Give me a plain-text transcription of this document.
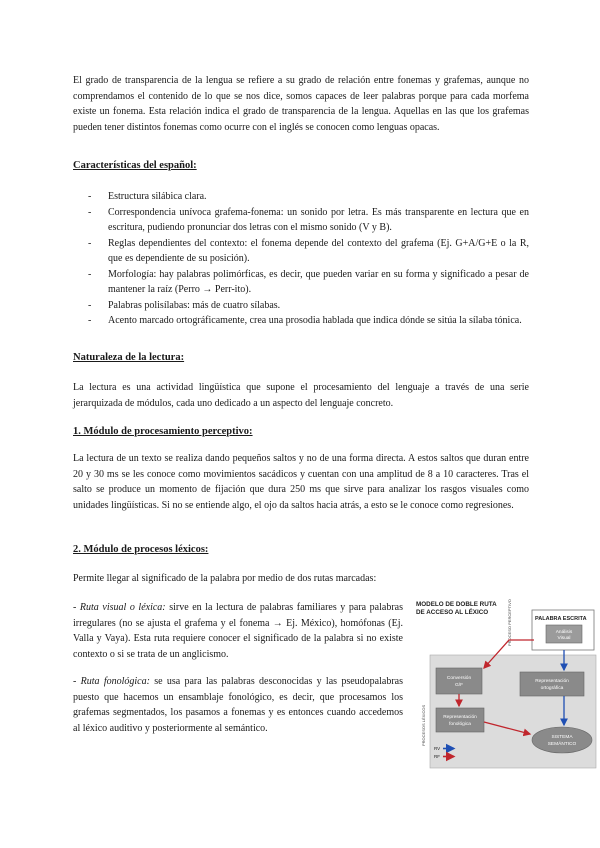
El grado de transparencia de la lengua se refiere a su grado de relación entre fonemas y grafemas, aunque no comprendamos el contenido de lo que se nos dice, somos capaces de leer palabras porque para cada morfema existe un fonema. Esta relación indica el grado de transparencia de la lengua. Aquellas en las que los grafemas pueden tener distintos fonemas como ocurre con el inglés se conocen como lenguas opacas.

Características del español:
- Estructura silábica clara.
- Correspondencia unívoca grafema-fonema: un sonido por letra. Es más transparente en lectura que en escritura, pudiendo pronunciar dos letras con el mismo sonido (V y B).
- Reglas dependientes del contexto: el fonema depende del contexto del grafema (Ej. G+A/G+E o la R, que es dependiente de su posición).
- Morfología: hay palabras polimórficas, es decir, que pueden variar en su forma y significado a pesar de mantener la raíz (Perro → Perr-ito).
- Palabras polisílabas: más de cuatro sílabas.
- Acento marcado ortográficamente, crea una prosodia hablada que indica dónde se sitúa la sílaba tónica.
Naturaleza de la lectura:

La lectura es una actividad lingüística que supone el procesamiento del lenguaje a través de una serie jerarquizada de módulos, cada uno dedicado a un aspecto del lenguaje concreto.

1. Módulo de procesamiento perceptivo:

La lectura de un texto se realiza dando pequeños saltos y no de una forma directa. A estos saltos que duran entre 20 y 30 ms se les conoce como movimientos sacádicos y cuentan con una amplitud de 8 a 10 caracteres. Tras el salto se produce un momento de fijación que dura 250 ms que sirve para analizar los rasgos visuales como unidades lingüísticas. Si no se entiende algo, el ojo da saltos hacia atrás, a esto se le conoce como regresiones.

2. Módulo de procesos léxicos:

Permite llegar al significado de la palabra por medio de dos rutas marcadas:

- Ruta visual o léxica: sirve en la lectura de palabras familiares y para palabras irregulares (no se ajusta el grafema y el fonema → Ej. México), homófonas (Ej. Valla y Vaya). Esta ruta requiere conocer el significado de la palabra si no existe contexto o si se trata de un anglicismo.

- Ruta fonológica: se usa para las palabras desconocidas y las pseudopalabras puesto que hacemos un ensamblaje fonológico, es decir, que procesamos los grafemas segmentados, los pasamos a fonemas y es entonces cuando accedemos al léxico auditivo y posteriormente al semántico.

MODELO DE DOBLE RUTA
DE ACCESO AL LÉXICO	PROCESO PERCEPTIVO
PROCESOS LÉXICOS
PALABRA ESCRITA
Análisis
Visual
Conversión
G/F
Representación
ortográfica
Representación
fonológica
SISTEMA
SEMÁNTICO
RV
RF
